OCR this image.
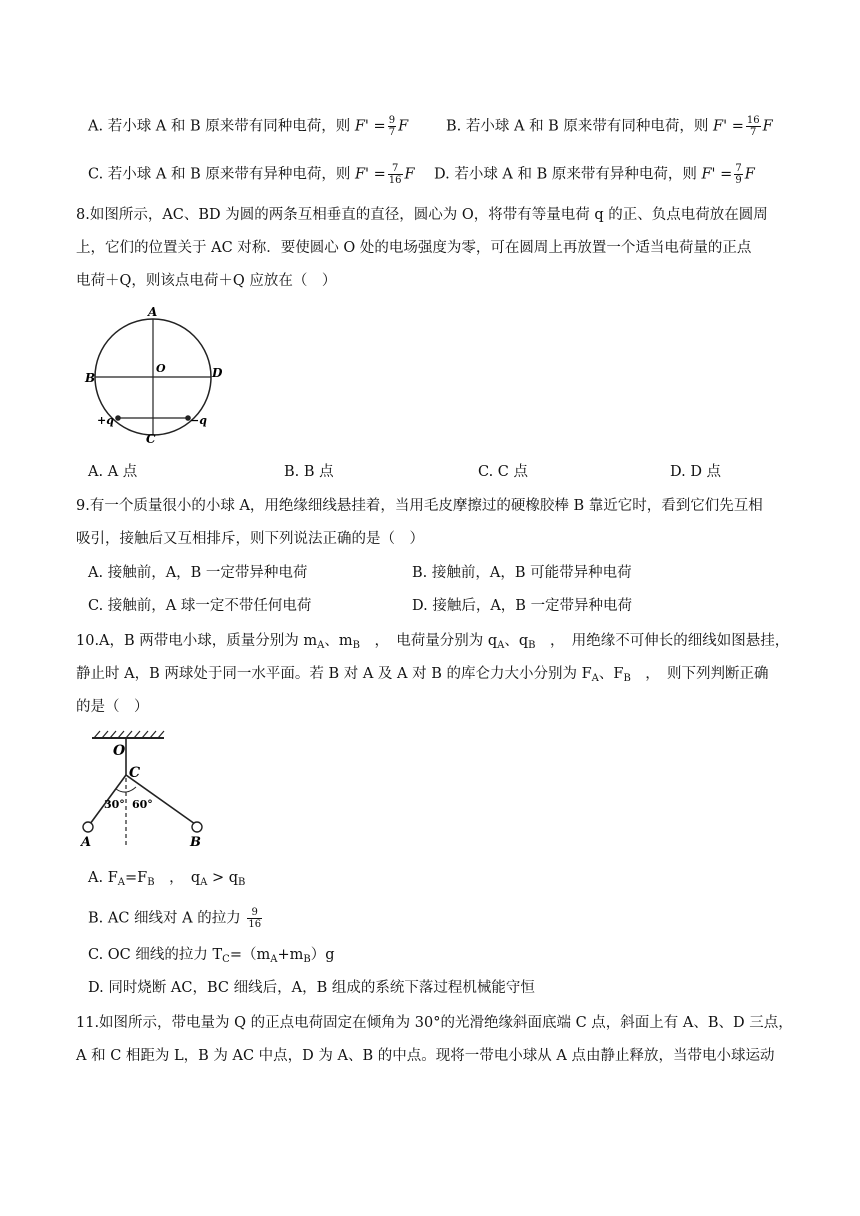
A. 若小球 A 和 B 原来带有同种电荷，则 $F' = \frac{9}{7}$ F	B. 若小球 A 和 B 原来带有同种电荷，则 $F' = \frac{16}{7}$ F
C. 若小球 A 和 B 原来带有异种电荷，则 $F' = \frac{7}{16}$ F D. 若小球 A 和 B 原来带有异种电荷，则 $F' = \frac{7}{9}$ F
8.如图所示，AC、BD 为圆的两条互相垂直的直径，圆心为 O，将带有等量电荷 q 的正、负点电荷放在圆周
上，它们的位置关于 AC 对称．要使圆心 O 处的电场强度为零，可在圆周上再放置一个适当电荷量的正点
电荷＋Q，则该点电荷＋Q 应放在（　）
A
B	D
C
O
+q	−q
A. A 点	B. B 点	C. C 点	D. D 点
9.有一个质量很小的小球 A，用绝缘细线悬挂着，当用毛皮摩擦过的硬橡胶棒 B 靠近它时，看到它们先互相
吸引，接触后又互相排斥，则下列说法正确的是（　）
A. 接触前，A，B 一定带异种电荷	B. 接触前，A，B 可能带异种电荷
C. 接触前，A 球一定不带任何电荷	D. 接触后，A，B 一定带异种电荷
10.A，B 两带电小球，质量分别为 $m_A$、$m_B$　，　电荷量分别为 $q_A$、$q_B$　，　用绝缘不可伸长的细线如图悬挂，
静止时 A，B 两球处于同一水平面。若 B 对 A 及 A 对 B 的库仑力大小分别为 $F_A$、$F_B$　，　则下列判断正确
的是（　）
O
C
30° 60°
A	B
A. $F_A=F_B$　，　$q_A > q_B$
B. AC 细线对 A 的拉力 $\frac{9}{16}$
C. OC 细线的拉力 $T_C=(m_A+m_B)g$
D. 同时烧断 AC，BC 细线后，A，B 组成的系统下落过程机械能守恒
11.如图所示，带电量为 Q 的正点电荷固定在倾角为 30°的光滑绝缘斜面底端 C 点，斜面上有 A、B、D 三点，
A 和 C 相距为 L，B 为 AC 中点，D 为 A、B 的中点。现将一带电小球从 A 点由静止释放，当带电小球运动
